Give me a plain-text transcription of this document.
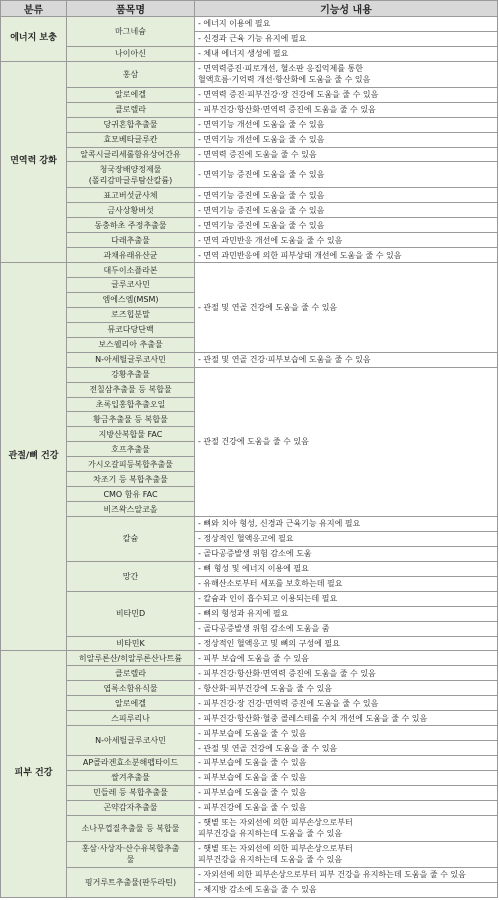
분류	품목명	기능성 내용
에너지 보충	마그네슘	- 에너지 이용에 필요

		- 신경과 근육 기능 유지에 필요

	나이아신	- 체내 에너지 생성에 필요

면역력 강화	홍삼	- 면역력증진·피로개선, 혈소판 응집억제를 통한
혈액흐름·기억력 개선·항산화에 도움을 줄 수 있음

	알로에겔	- 면역력 증진·피부건강·장 건강에 도움을 줄 수 있음

	클로렐라	- 피부건강·항산화·면역력 증진에 도움을 줄 수 있음

	당귀혼합추출물	- 면역기능 개선에 도움을 줄 수 있음

	효모베타글루칸	- 면역기능 개선에 도움을 줄 수 있음

	알콕시글리세롤함유상어간유	- 면역력 증진에 도움을 줄 수 있음

	청국장배양정제물
(폴리감마글루탐산칼륨)	- 면역기능 증진에 도움을 줄 수 있음

	표고버섯균사체	- 면역기능 증진에 도움을 줄 수 있음

	금사상황버섯	- 면역기능 증진에 도움을 줄 수 있음

	동충하초 주정추출물	- 면역기능 증진에 도움을 줄 수 있음

	다래추출물	- 면역 과민반응 개선에 도움을 줄 수 있음

	과채유래유산균	- 면역 과민반응에 의한 피부상태 개선에 도움을 줄 수 있음

관절/뼈 건강	대두이소플라본	- 관절 및 연골 건강에 도움을 줄 수 있음

	글루코사민	

	엠에스엠(MSM)	

	로즈힙분말	

	뮤코다당단백	

	보스웰리아 추출물	

	N-아세틸글루코사민	- 관절 및 연골 건강·피부보습에 도움을 줄 수 있음

	강황추출물	- 관절 건강에 도움을 줄 수 있음

	전칠삼추출물 등 복합물	

	초록입홍합추출오일	

	황금추출물 등 복합물	

	지방산복합물 FAC	

	호프추출물	

	가시오갈피등복합추출물	

	차조기 등 복합추출물	

	CMO 함유 FAC	

	비즈왁스알코올	

	칼슘	- 뼈와 치아 형성, 신경과 근육기능 유지에 필요

		- 정상적인 혈액응고에 필요

		- 골다공증발생 위험 감소에 도움

	망간	- 뼈 형성 및 에너지 이용에 필요

		- 유해산소로부터 세포를 보호하는데 필요

	비타민D	- 칼슘과 인이 흡수되고 이용되는데 필요

		- 뼈의 형성과 유지에 필요

		- 골다공증발생 위험 감소에 도움을 줌

	비타민K	- 정상적인 혈액응고 및 뼈의 구성에 필요

피부 건강	히알루론산/히알루론산나트륨	- 피부 보습에 도움을 줄 수 있음

	클로렐라	- 피부건강·항산화·면역력 증진에 도움을 줄 수 있음

	엽록소함유식물	- 항산화·피부건강에 도움을 줄 수 있음

	알로에겔	- 피부건강·장 건강·면역력 증진에 도움을 줄 수 있음

	스피루리나	- 피부건강·항산화·혈중 콜레스테롤 수치 개선에 도움을 줄 수 있음

	N-아세틸글루코사민	- 피부보습에 도움을 줄 수 있음

		- 관절 및 연골 건강에 도움을 줄 수 있음

	AP콜라겐효소분해펩타이드	- 피부보습에 도움을 줄 수 있음

	쌀겨추출물	- 피부보습에 도움을 줄 수 있음

	민들레 등 복합추출물	- 피부보습에 도움을 줄 수 있음

	곤약감자추출물	- 피부건강에 도움을 줄 수 있음

	소나무껍질추출물 등 복합물	- 햇볕 또는 자외선에 의한 피부손상으로부터
피부건강을 유지하는데 도움을 줄 수 있음

	홍삼·사상자·산수유복합추출
물	- 햇볕 또는 자외선에 의한 피부손상으로부터
피부건강을 유지하는데 도움을 줄 수 있음

	핑거루트추출물(판두라틴)	- 자외선에 의한 피부손상으로부터 피부 건강을 유지하는데 도움을 줄 수 있음

		- 체지방 감소에 도움을 줄 수 있음
